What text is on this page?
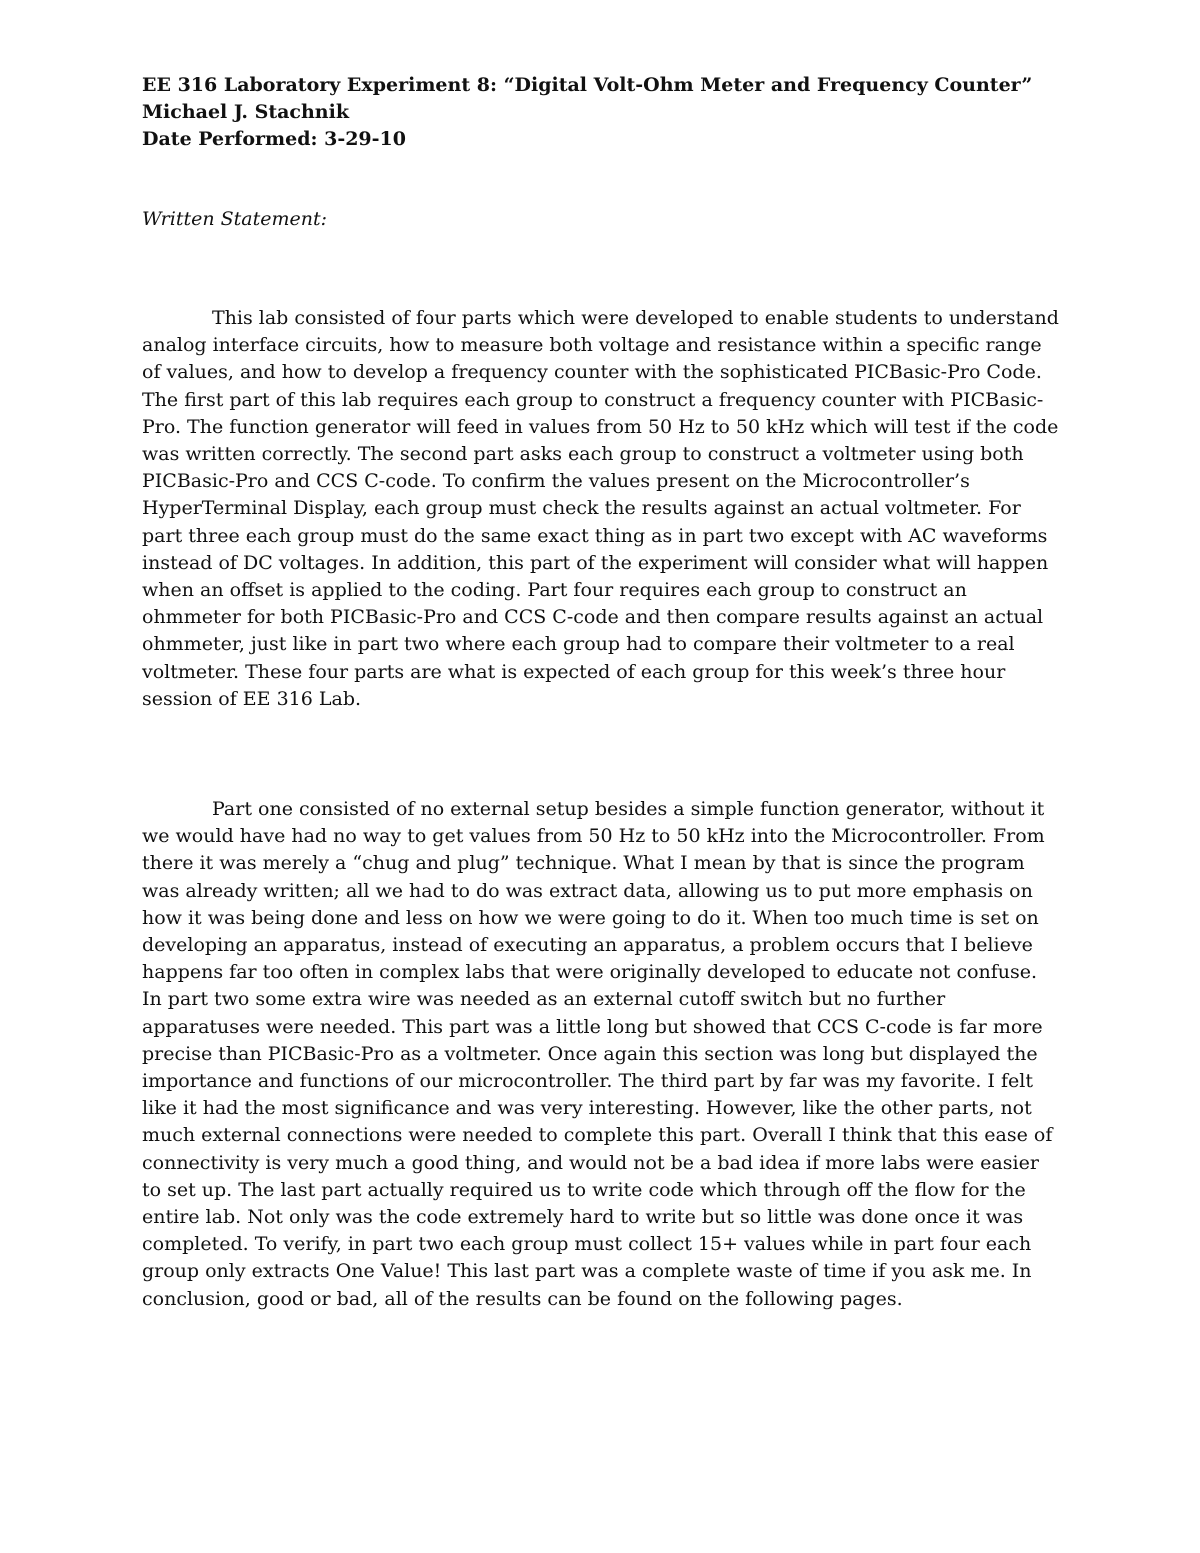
EE 316 Laboratory Experiment 8: “Digital Volt-Ohm Meter and Frequency Counter”
Michael J. Stachnik
Date Performed: 3-29-10
Written Statement:

This lab consisted of four parts which were developed to enable students to understand analog interface circuits, how to measure both voltage and resistance within a specific range of values, and how to develop a frequency counter with the sophisticated PICBasic-Pro Code. The first part of this lab requires each group to construct a frequency counter with PICBasic-Pro. The function generator will feed in values from 50 Hz to 50 kHz which will test if the code was written correctly. The second part asks each group to construct a voltmeter using both PICBasic-Pro and CCS C-code. To confirm the values present on the Microcontroller’s HyperTerminal Display, each group must check the results against an actual voltmeter. For part three each group must do the same exact thing as in part two except with AC waveforms instead of DC voltages. In addition, this part of the experiment will consider what will happen when an offset is applied to the coding. Part four requires each group to construct an ohmmeter for both PICBasic-Pro and CCS C-code and then compare results against an actual ohmmeter, just like in part two where each group had to compare their voltmeter to a real voltmeter. These four parts are what is expected of each group for this week’s three hour session of EE 316 Lab.

Part one consisted of no external setup besides a simple function generator, without it we would have had no way to get values from 50 Hz to 50 kHz into the Microcontroller. From there it was merely a “chug and plug” technique. What I mean by that is since the program was already written; all we had to do was extract data, allowing us to put more emphasis on how it was being done and less on how we were going to do it. When too much time is set on developing an apparatus, instead of executing an apparatus, a problem occurs that I believe happens far too often in complex labs that were originally developed to educate not confuse. In part two some extra wire was needed as an external cutoff switch but no further apparatuses were needed. This part was a little long but showed that CCS C-code is far more precise than PICBasic-Pro as a voltmeter. Once again this section was long but displayed the importance and functions of our microcontroller. The third part by far was my favorite. I felt like it had the most significance and was very interesting. However, like the other parts, not much external connections were needed to complete this part. Overall I think that this ease of connectivity is very much a good thing, and would not be a bad idea if more labs were easier to set up. The last part actually required us to write code which through off the flow for the entire lab. Not only was the code extremely hard to write but so little was done once it was completed. To verify, in part two each group must collect 15+ values while in part four each group only extracts One Value! This last part was a complete waste of time if you ask me. In conclusion, good or bad, all of the results can be found on the following pages.
